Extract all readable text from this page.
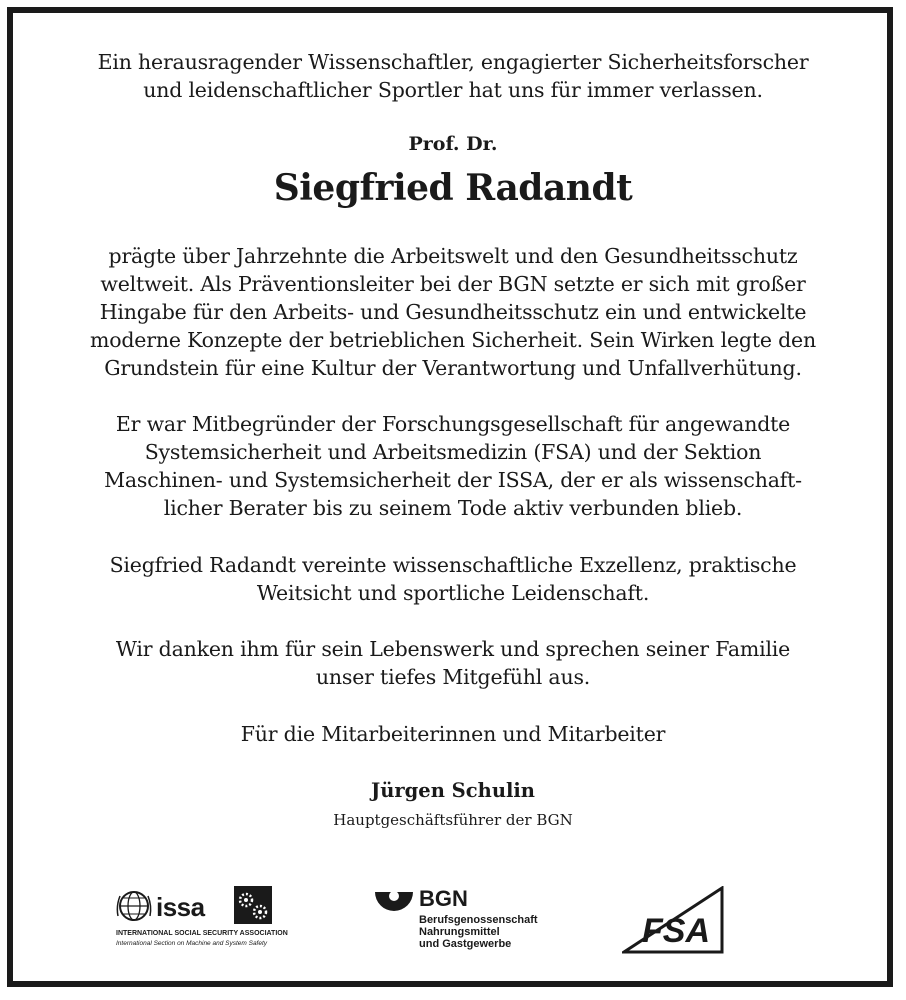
Ein herausragender Wissenschaftler, engagierter Sicherheitsforscher
und leidenschaftlicher Sportler hat uns für immer verlassen.
Prof. Dr.
Siegfried Radandt
prägte über Jahrzehnte die Arbeitswelt und den Gesundheitsschutz
weltweit. Als Präventionsleiter bei der BGN setzte er sich mit großer
Hingabe für den Arbeits- und Gesundheitsschutz ein und entwickelte
moderne Konzepte der betrieblichen Sicherheit. Sein Wirken legte den
Grundstein für eine Kultur der Verantwortung und Unfallverhütung.
Er war Mitbegründer der Forschungsgesellschaft für angewandte
Systemsicherheit und Arbeitsmedizin (FSA) und der Sektion
Maschinen- und Systemsicherheit der ISSA, der er als wissenschaft-
licher Berater bis zu seinem Tode aktiv verbunden blieb.
Siegfried Radandt vereinte wissenschaftliche Exzellenz, praktische
Weitsicht und sportliche Leidenschaft.
Wir danken ihm für sein Lebenswerk und sprechen seiner Familie
unser tiefes Mitgefühl aus.
Für die Mitarbeiterinnen und Mitarbeiter
Jürgen Schulin
Hauptgeschäftsführer der BGN
issa
INTERNATIONAL SOCIAL SECURITY ASSOCIATION
International Section on Machine and System Safety
BGN
Berufsgenossenschaft
Nahrungsmittel
und Gastgewerbe	FSA
